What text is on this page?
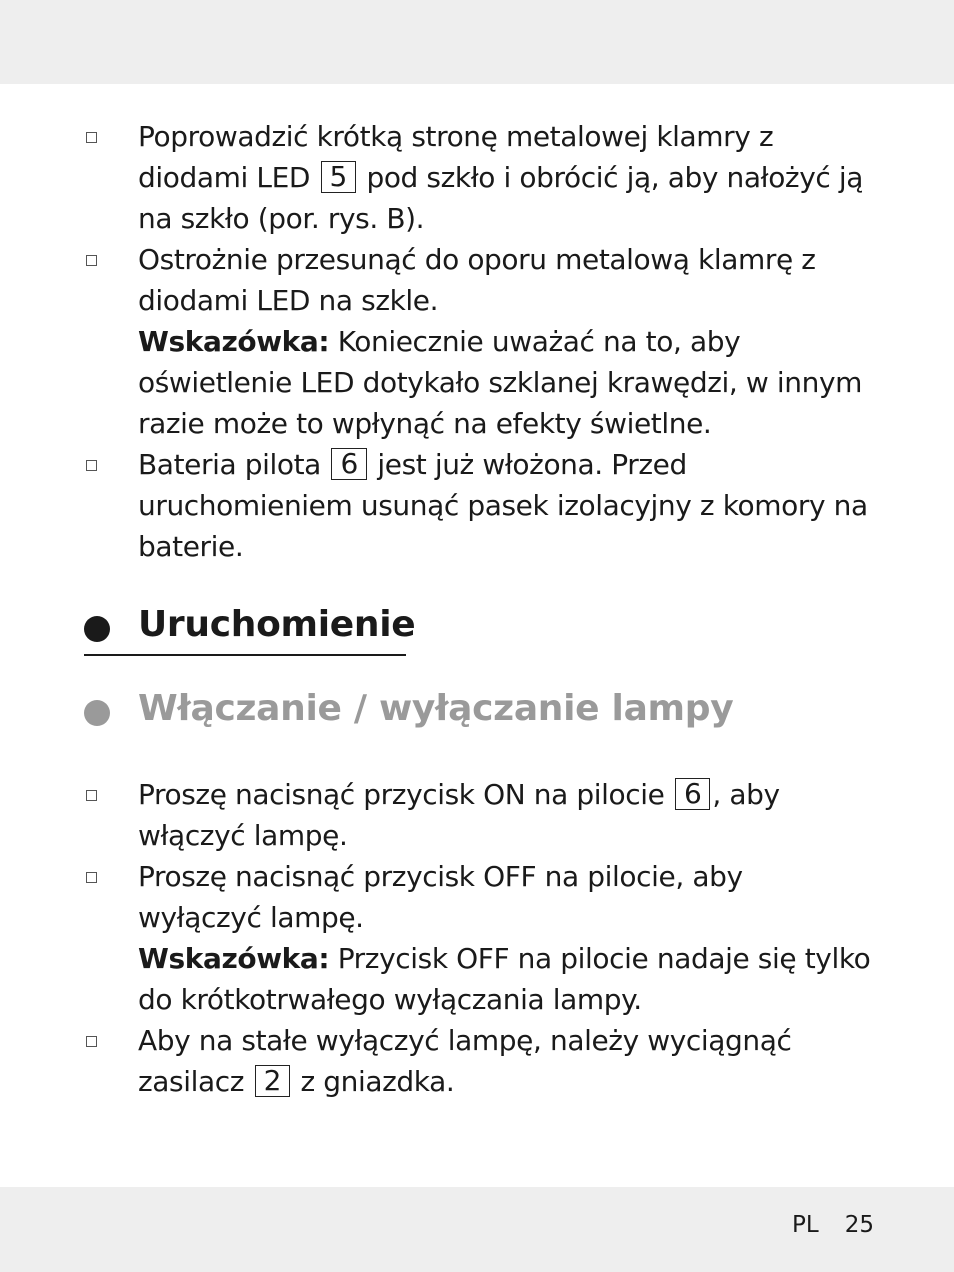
Poprowadzić krótką stronę metalowej klamry z diodami LED 5 pod szkło i obrócić ją, aby nałożyć ją na szkło (por. rys. B).
Ostrożnie przesunąć do oporu metalową klamrę z diodami LED na szkle.
Wskazówka: Koniecznie uważać na to, aby oświetlenie LED dotykało szklanej krawędzi, w innym razie może to wpłynąć na efekty świetlne.
Bateria pilota 6 jest już włożona. Przed uruchomieniem usunąć pasek izolacyjny z komory na baterie.
Uruchomienie
Włączanie / wyłączanie lampy
Proszę nacisnąć przycisk ON na pilocie 6 , aby włączyć lampę.
Proszę nacisnąć przycisk OFF na pilocie, aby wyłączyć lampę.
Wskazówka: Przycisk OFF na pilocie nadaje się tylko do krótkotrwałego wyłączania lampy.
Aby na stałe wyłączyć lampę, należy wyciągnąć zasilacz 2 z gniazdka.
PL 25
